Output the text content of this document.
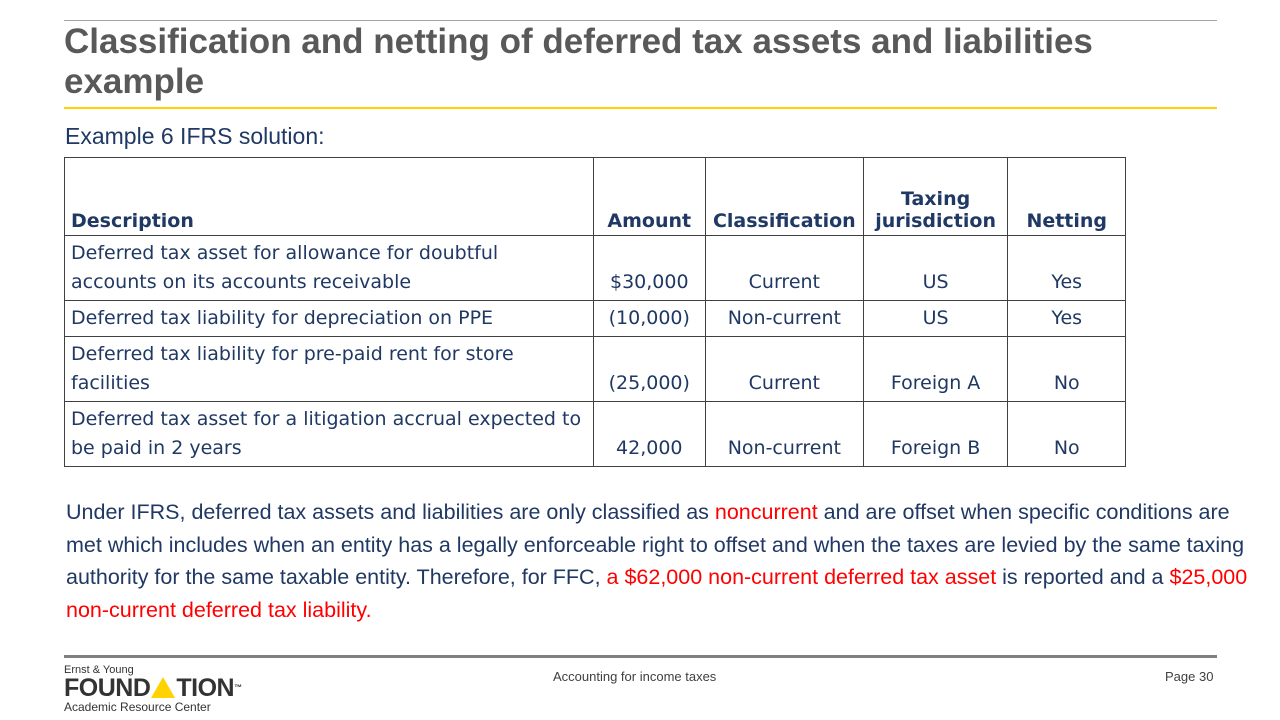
Classification and netting of deferred tax assets and liabilities example
Example 6 IFRS solution:
Description	Amount	Classification	Taxing jurisdiction	Netting
Deferred tax asset for allowance for doubtful accounts on its accounts receivable	$30,000	Current	US	Yes
Deferred tax liability for depreciation on PPE	(10,000)	Non-current	US	Yes
Deferred tax liability for pre-paid rent for store facilities	(25,000)	Current	Foreign A	No
Deferred tax asset for a litigation accrual expected to be paid in 2 years	42,000	Non-current	Foreign B	No

Under IFRS, deferred tax assets and liabilities are only classified as noncurrent and are offset when specific conditions are met which includes when an entity has a legally enforceable right to offset and when the taxes are levied by the same taxing authority for the same taxable entity. Therefore, for FFC, a $62,000 non-current deferred tax asset is reported and a $25,000 non-current deferred tax liability.

Ernst & Young
FOUND TION ™
Academic Resource Center
Accounting for income taxes	Page 30
